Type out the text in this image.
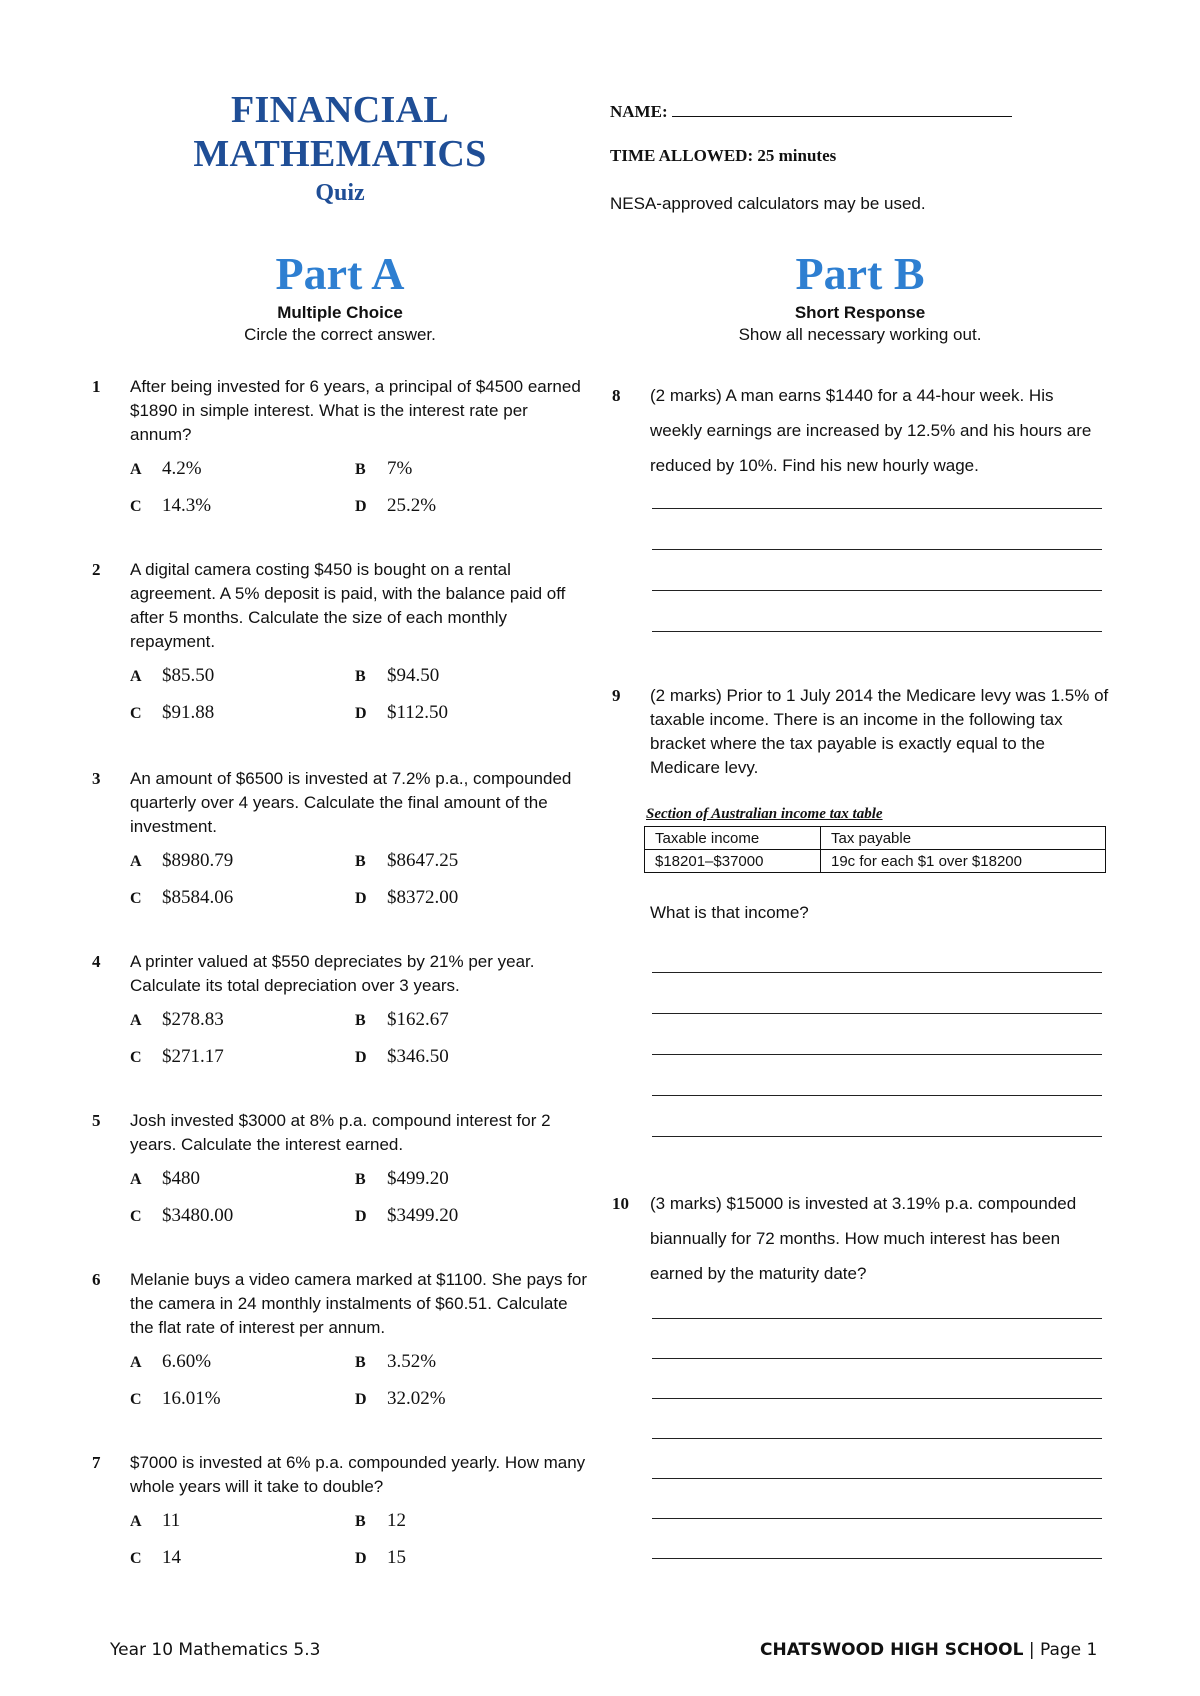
FINANCIAL
MATHEMATICS
Quiz
NAME:
TIME ALLOWED: 25 minutes
NESA-approved calculators may be used.
Part A
Multiple Choice
Circle the correct answer.
Part B
Short Response
Show all necessary working out.
1 After being invested for 6 years, a principal of $4500 earned $1890 in simple interest. What is the interest rate per annum?
A 4.2%	B 7%
C 14.3%	D 25.2%
2 A digital camera costing $450 is bought on a rental agreement. A 5% deposit is paid, with the balance paid off after 5 months. Calculate the size of each monthly repayment.
A $85.50	B $94.50
C $91.88	D $112.50
3 An amount of $6500 is invested at 7.2% p.a., compounded quarterly over 4 years. Calculate the final amount of the investment.
A $8980.79	B $8647.25
C $8584.06	D $8372.00
4 A printer valued at $550 depreciates by 21% per year. Calculate its total depreciation over 3 years.
A $278.83	B $162.67
C $271.17	D $346.50
5 Josh invested $3000 at 8% p.a. compound interest for 2 years. Calculate the interest earned.
A $480	B $499.20
C $3480.00	D $3499.20
6 Melanie buys a video camera marked at $1100. She pays for the camera in 24 monthly instalments of $60.51. Calculate the flat rate of interest per annum.
A 6.60%	B 3.52%
C 16.01%	D 32.02%
7 $7000 is invested at 6% p.a. compounded yearly. How many whole years will it take to double?
A 11	B 12
C 14	D 15
8 (2 marks) A man earns $1440 for a 44-hour week. His weekly earnings are increased by 12.5% and his hours are reduced by 10%. Find his new hourly wage.
9 (2 marks) Prior to 1 July 2014 the Medicare levy was 1.5% of taxable income. There is an income in the following tax bracket where the tax payable is exactly equal to the Medicare levy.
Section of Australian income tax table
Taxable income	Tax payable
$18201–$37000	19c for each $1 over $18200
What is that income?
10 (3 marks) $15000 is invested at 3.19% p.a. compounded biannually for 72 months. How much interest has been earned by the maturity date?
Year 10 Mathematics 5.3	CHATSWOOD HIGH SCHOOL | Page 1
